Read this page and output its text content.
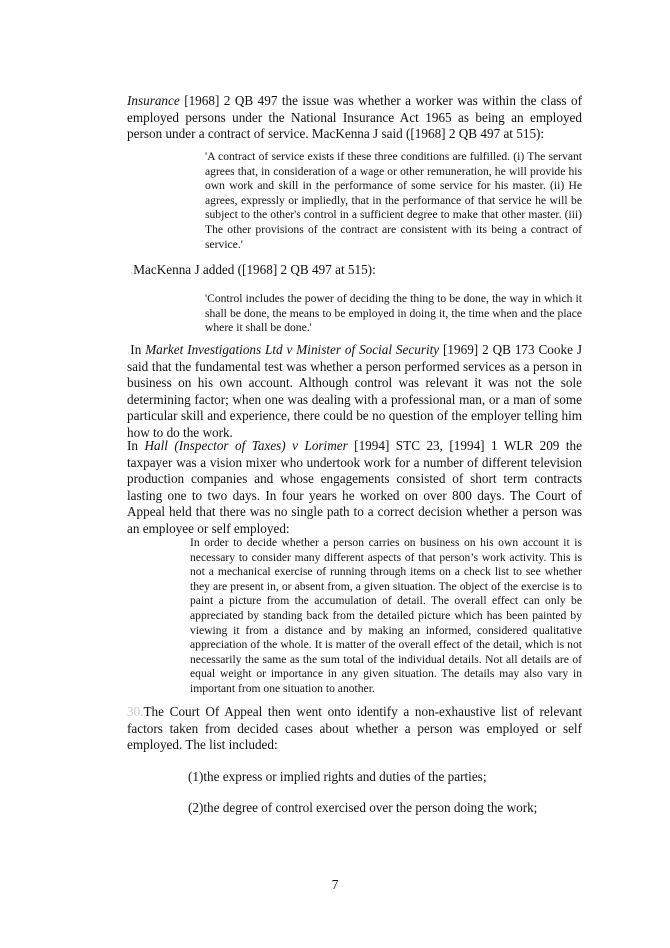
Insurance [1968] 2 QB 497 the issue was whether a worker was within the class of employed persons under the National Insurance Act 1965 as being an employed person under a contract of service. MacKenna J said ([1968] 2 QB 497 at 515):

'A contract of service exists if these three conditions are fulfilled. (i) The servant agrees that, in consideration of a wage or other remuneration, he will provide his own work and skill in the performance of some service for his master. (ii) He agrees, expressly or impliedly, that in the performance of that service he will be subject to the other's control in a sufficient degree to make that other master. (iii) The other provisions of the contract are consistent with its being a contract of service.'

.MacKenna J added ([1968] 2 QB 497 at 515):

'Control includes the power of deciding the thing to be done, the way in which it shall be done, the means to be employed in doing it, the time when and the place where it shall be done.'

.In Market Investigations Ltd v Minister of Social Security [1969] 2 QB 173 Cooke J said that the fundamental test was whether a person performed services as a person in business on his own account. Although control was relevant it was not the sole determining factor; when one was dealing with a professional man, or a man of some particular skill and experience, there could be no question of the employer telling him how to do the work.

In Hall (Inspector of Taxes) v Lorimer [1994] STC 23, [1994] 1 WLR 209 the taxpayer was a vision mixer who undertook work for a number of different television production companies and whose engagements consisted of short term contracts lasting one to two days. In four years he worked on over 800 days. The Court of Appeal held that there was no single path to a correct decision whether a person was an employee or self employed:

In order to decide whether a person carries on business on his own account it is necessary to consider many different aspects of that person’s work activity. This is not a mechanical exercise of running through items on a check list to see whether they are present in, or absent from, a given situation. The object of the exercise is to paint a picture from the accumulation of detail. The overall effect can only be appreciated by standing back from the detailed picture which has been painted by viewing it from a distance and by making an informed, considered qualitative appreciation of the whole. It is matter of the overall effect of the detail, which is not necessarily the same as the sum total of the individual details. Not all details are of equal weight or importance in any given situation. The details may also vary in important from one situation to another.

30.The Court Of Appeal then went onto identify a non-exhaustive list of relevant factors taken from decided cases about whether a person was employed or self employed. The list included:

(1)the express or implied rights and duties of the parties;

(2)the degree of control exercised over the person doing the work;

7
